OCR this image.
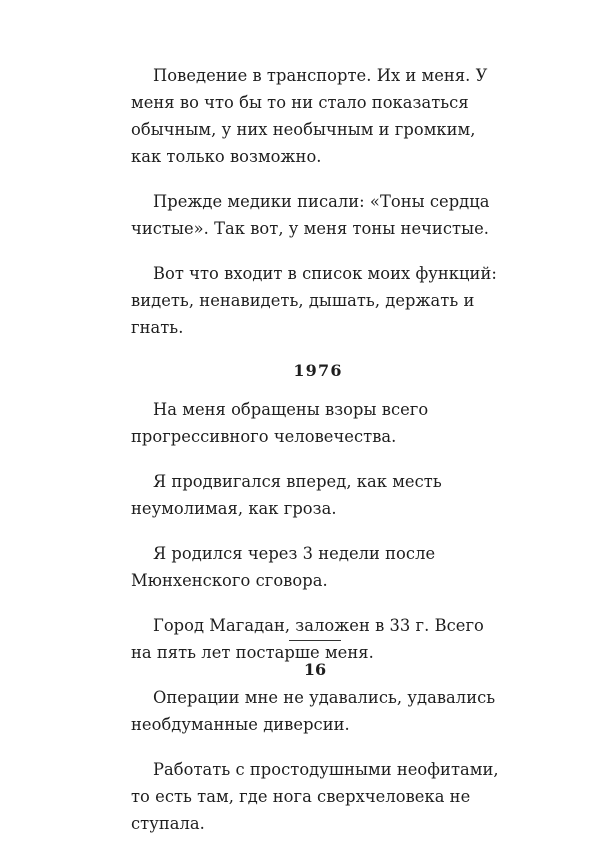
Поведение в транспорте. Их и меня. У меня во что бы то ни стало показаться обычным, у них необычным и громким, как только возможно.

Прежде медики писали: «Тоны сердца чистые». Так вот, у меня тоны нечистые.

Вот что входит в список моих функций: видеть, ненавидеть, дышать, держать и гнать.

1976

На меня обращены взоры всего прогрессивного человечества.

Я продвигался вперед, как месть неумолимая, как гроза.

Я родился через 3 недели после Мюнхенского сговора.

Город Магадан, заложен в 33 г. Всего на пять лет постарше меня.

Операции мне не удавались, удавались необдуманные диверсии.

Работать с простодушными неофитами, то есть там, где нога сверхчеловека не ступала.

16
